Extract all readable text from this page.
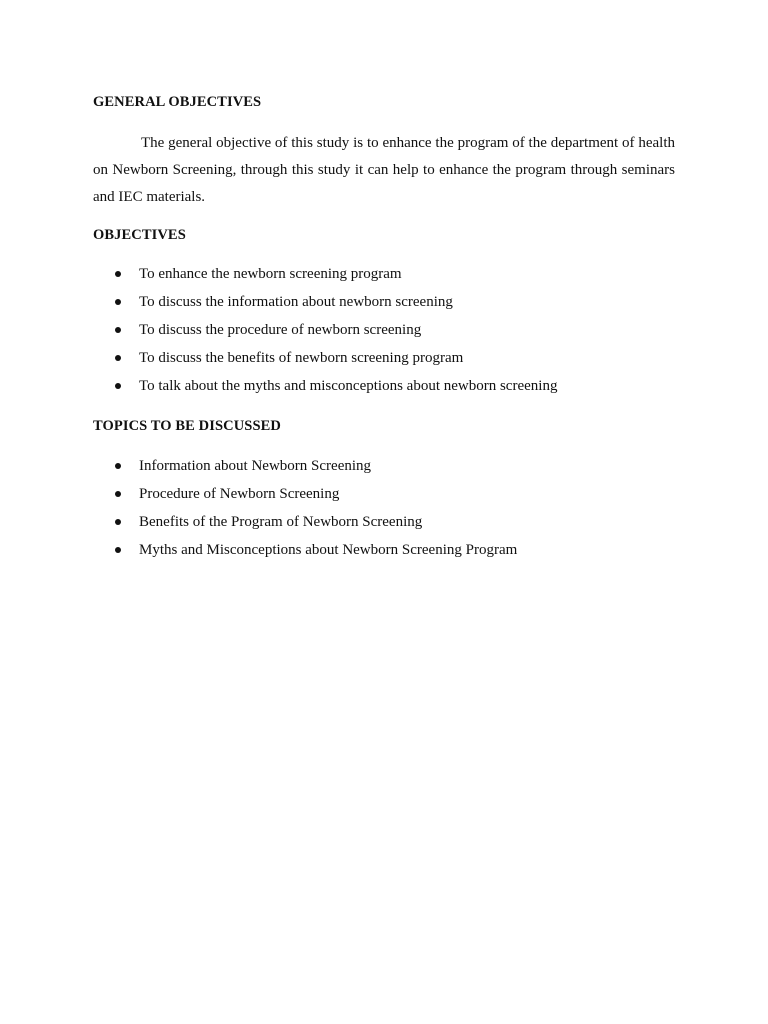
GENERAL OBJECTIVES

The general objective of this study is to enhance the program of the department of health on Newborn Screening, through this study it can help to enhance the program through seminars and IEC materials.

OBJECTIVES
To enhance the newborn screening program
To discuss the information about newborn screening
To discuss the procedure of newborn screening
To discuss the benefits of newborn screening program
To talk about the myths and misconceptions about newborn screening
TOPICS TO BE DISCUSSED
Information about Newborn Screening
Procedure of Newborn Screening
Benefits of the Program of Newborn Screening
Myths and Misconceptions about Newborn Screening Program
